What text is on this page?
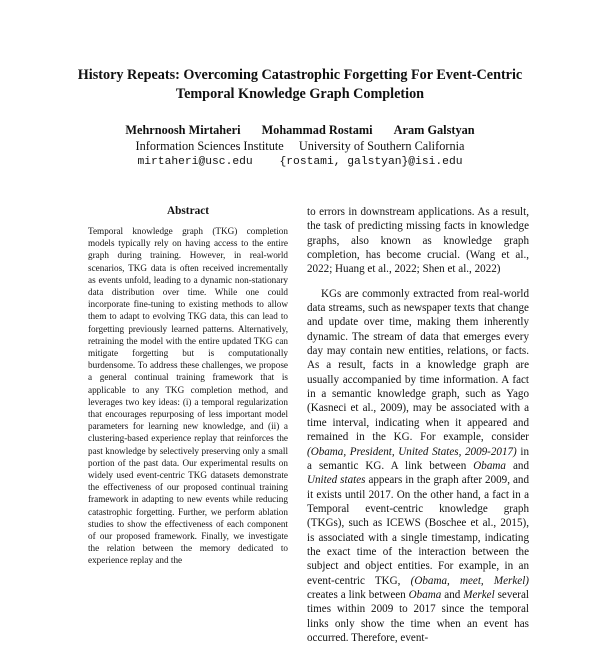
History Repeats: Overcoming Catastrophic Forgetting For Event-Centric
Temporal Knowledge Graph Completion
Mehrnoosh Mirtaheri Mohammad Rostami Aram Galstyan
Information Sciences Institute University of Southern California
mirtaheri@usc.edu {rostami, galstyan}@isi.edu
Abstract

Temporal knowledge graph (TKG) completion models typically rely on having access to the entire graph during training. However, in real-world scenarios, TKG data is often received incrementally as events unfold, leading to a dynamic non-stationary data distribution over time. While one could incorporate fine-tuning to existing methods to allow them to adapt to evolving TKG data, this can lead to forgetting previously learned patterns. Alternatively, retraining the model with the entire updated TKG can mitigate forgetting but is computationally burdensome. To address these challenges, we propose a general continual training framework that is applicable to any TKG completion method, and leverages two key ideas: (i) a temporal regularization that encourages repurposing of less important model parameters for learning new knowledge, and (ii) a clustering-based experience replay that reinforces the past knowledge by selectively preserving only a small portion of the past data. Our experimental results on widely used event-centric TKG datasets demonstrate the effectiveness of our proposed continual training framework in adapting to new events while reducing catastrophic forgetting. Further, we perform ablation studies to show the effectiveness of each component of our proposed framework. Finally, we investigate the relation between the memory dedicated to experience replay and the

to errors in downstream applications. As a result, the task of predicting missing facts in knowledge graphs, also known as knowledge graph completion, has become crucial. (Wang et al., 2022; Huang et al., 2022; Shen et al., 2022)

KGs are commonly extracted from real-world data streams, such as newspaper texts that change and update over time, making them inherently dynamic. The stream of data that emerges every day may contain new entities, relations, or facts. As a result, facts in a knowledge graph are usually accompanied by time information. A fact in a semantic knowledge graph, such as Yago (Kasneci et al., 2009), may be associated with a time interval, indicating when it appeared and remained in the KG. For example, consider (Obama, President, United States, 2009-2017) in a semantic KG. A link between Obama and United states appears in the graph after 2009, and it exists until 2017. On the other hand, a fact in a Temporal event-centric knowledge graph (TKGs), such as ICEWS (Boschee et al., 2015), is associated with a single timestamp, indicating the exact time of the interaction between the subject and object entities. For example, in an event-centric TKG, (Obama, meet, Merkel) creates a link between Obama and Merkel several times within 2009 to 2017 since the temporal links only show the time when an event has occurred. Therefore, event-
